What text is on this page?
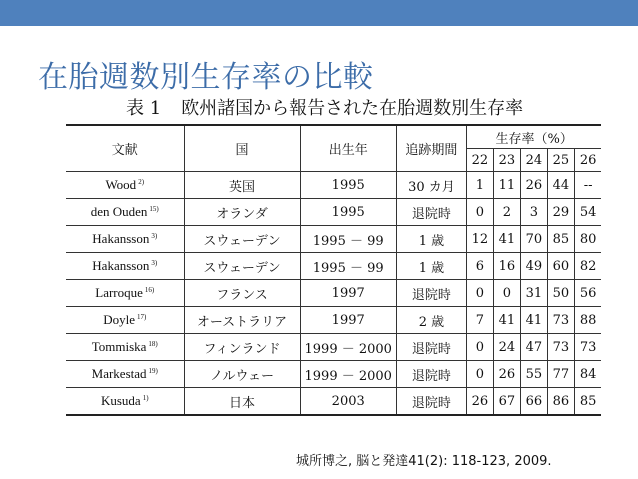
在胎週数別生存率の比較
表 1 欧州諸国から報告された在胎週数別生存率
文献	国	出生年	追跡期間	生存率（%）				
				22	23	24	25	26
Wood $^{2)}$	英国	1995	30 カ月	1	11	26	44	--
den Ouden $^{15)}$	オランダ	1995	退院時	0	2	3	29	54
Hakansson $^{3)}$	スウェーデン	1995 － 99	1 歳	12	41	70	85	80
Hakansson $^{3)}$	スウェーデン	1995 － 99	1 歳	6	16	49	60	82
Larroque $^{16)}$	フランス	1997	退院時	0	0	31	50	56
Doyle $^{17)}$	オーストラリア	1997	2 歳	7	41	41	73	88
Tommiska $^{18)}$	フィンランド	1999 － 2000	退院時	0	24	47	73	73
Markestad $^{19)}$	ノルウェー	1999 － 2000	退院時	0	26	55	77	84
Kusuda $^{1)}$	日本	2003	退院時	26	67	66	86	85
城所博之, 脳と発達41(2): 118-123, 2009.
